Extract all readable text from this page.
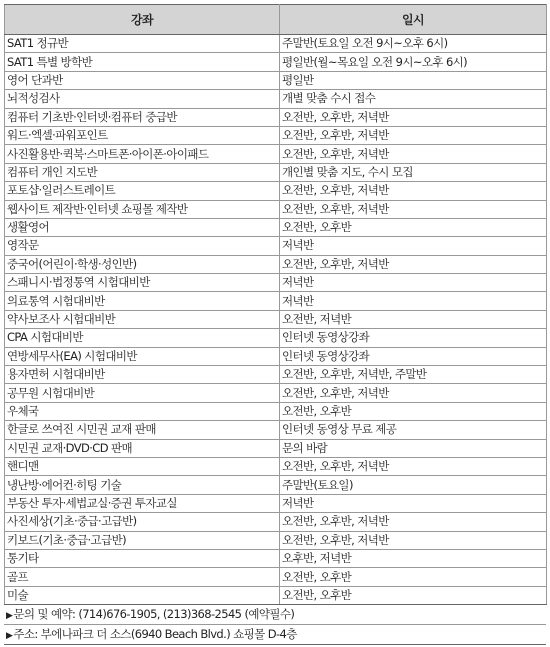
강좌	일시
SAT1 정규반	주말반(토요일 오전 9시~오후 6시)
SAT1 특별 방학반	평일반(월~목요일 오전 9시~오후 6시)
영어 단과반	평일반
뇌적성검사	개별 맞춤 수시 접수
컴퓨터 기초반·인터넷·컴퓨터 중급반	오전반, 오후반, 저녁반
워드·엑셀·파워포인트	오전반, 오후반, 저녁반
사진활용반·퀵북·스마트폰·아이폰·아이패드	오전반, 오후반, 저녁반
컴퓨터 개인 지도반	개인별 맞춤 지도, 수시 모집
포토샵·일러스트레이트	오전반, 오후반, 저녁반
웹사이트 제작반·인터넷 쇼핑몰 제작반	오전반, 오후반, 저녁반
생활영어	오전반, 오후반
영작문	저녁반
중국어(어린이·학생·성인반)	오전반, 오후반, 저녁반
스패니시·법정통역 시험대비반	저녁반
의료통역 시험대비반	저녁반
약사보조사 시험대비반	오전반, 저녁반
CPA 시험대비반	인터넷 동영상강좌
연방세무사(EA) 시험대비반	인터넷 동영상강좌
용자면허 시험대비반	오전반, 오후반, 저녁반, 주말반
공무원 시험대비반	오전반, 오후반, 저녁반
우체국	오전반, 오후반
한글로 쓰여진 시민권 교재 판매	인터넷 동영상 무료 제공
시민권 교재·DVD·CD 판매	문의 바람
핸디맨	오전반, 오후반, 저녁반
냉난방·에어컨·히팅 기술	주말반(토요일)
부동산 투자·세법교실·증권 투자교실	저녁반
사진세상(기초·중급·고급반)	오전반, 오후반, 저녁반
키보드(기초·중급·고급반)	오전반, 오후반, 저녁반
통기타	오후반, 저녁반
골프	오전반, 오후반
미술	오전반, 오후반
▶문의 및 예약: (714)676-1905, (213)368-2545 (예약필수)
▶주소: 부에나파크 더 소스(6940 Beach Blvd.) 쇼핑몰 D-4층
